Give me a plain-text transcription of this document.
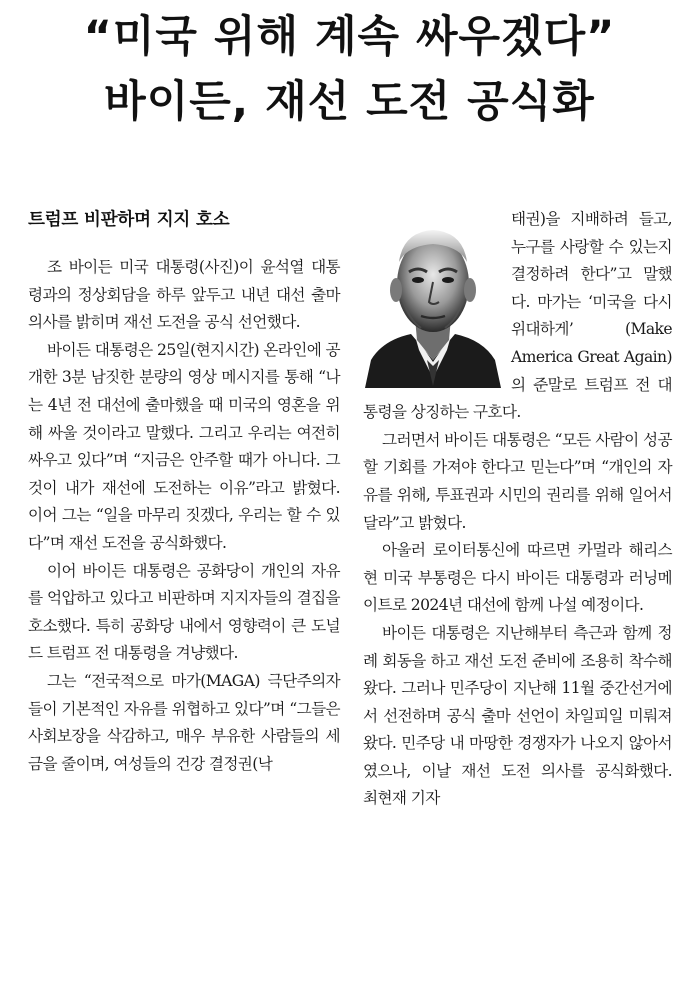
“미국 위해 계속 싸우겠다”
바이든, 재선 도전 공식화
트럼프 비판하며 지지 호소

조 바이든 미국 대통령(사진)이 윤석열 대통령과의 정상회담을 하루 앞두고 내년 대선 출마 의사를 밝히며 재선 도전을 공식 선언했다.

바이든 대통령은 25일(현지시간) 온라인에 공개한 3분 남짓한 분량의 영상 메시지를 통해 “나는 4년 전 대선에 출마했을 때 미국의 영혼을 위해 싸울 것이라고 말했다. 그리고 우리는 여전히 싸우고 있다”며 “지금은 안주할 때가 아니다. 그것이 내가 재선에 도전하는 이유”라고 밝혔다. 이어 그는 “일을 마무리 짓겠다, 우리는 할 수 있다”며 재선 도전을 공식화했다.

이어 바이든 대통령은 공화당이 개인의 자유를 억압하고 있다고 비판하며 지지자들의 결집을 호소했다. 특히 공화당 내에서 영향력이 큰 도널드 트럼프 전 대통령을 겨냥했다.

그는 “전국적으로 마가(MAGA) 극단주의자들이 기본적인 자유를 위협하고 있다”며 “그들은 사회보장을 삭감하고, 매우 부유한 사람들의 세금을 줄이며, 여성들의 건강 결정권(낙

태권)을 지배하려 들고, 누구를 사랑할 수 있는지 결정하려 한다”고 말했다. 마가는 ‘미국을 다시 위대하게’ (Make America Great Again)의 준말로 트럼프 전 대통령을 상징하는 구호다.

그러면서 바이든 대통령은 “모든 사람이 성공할 기회를 가져야 한다고 믿는다”며 “개인의 자유를 위해, 투표권과 시민의 권리를 위해 일어서 달라”고 밝혔다.

아울러 로이터통신에 따르면 카멀라 해리스 현 미국 부통령은 다시 바이든 대통령과 러닝메이트로 2024년 대선에 함께 나설 예정이다.

바이든 대통령은 지난해부터 측근과 함께 정례 회동을 하고 재선 도전 준비에 조용히 착수해 왔다. 그러나 민주당이 지난해 11월 중간선거에서 선전하며 공식 출마 선언이 차일피일 미뤄져 왔다. 민주당 내 마땅한 경쟁자가 나오지 않아서였으나, 이날 재선 도전 의사를 공식화했다. 최현재 기자
